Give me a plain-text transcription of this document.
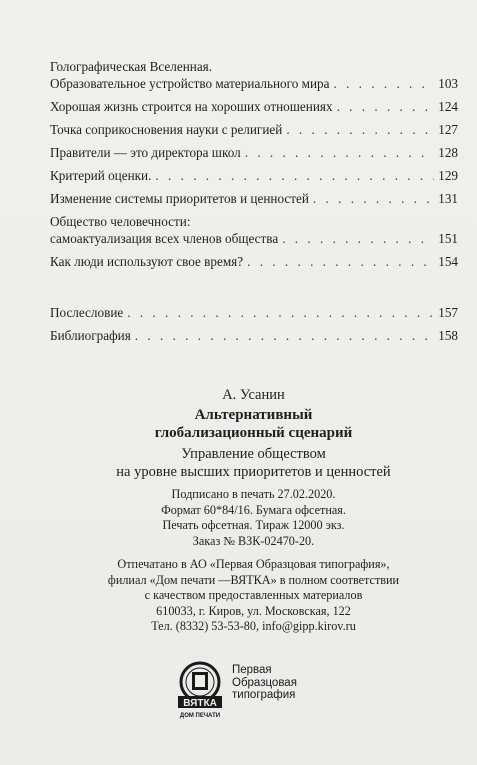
Голографическая Вселенная.
Образовательное устройство материального мира . . .	103
Хорошая жизнь строится на хороших отношениях . . .	124
Точка соприкосновения науки с религией . . .	127
Правители — это директора школ . . .	128
Критерий оценки. . . .	129
Изменение системы приоритетов и ценностей . . .	131
Общество человечности:
самоактуализация всех членов общества . . .	151
Как люди используют свое время? . . .	154
Послесловие . . .	157
Библиография . . .	158
А. Усанин
Альтернативный
глобализационный сценарий
Управление обществом
на уровне высших приоритетов и ценностей
Подписано в печать 27.02.2020.
Формат 60*84/16. Бумага офсетная.
Печать офсетная. Тираж 12000 экз.
Заказ № ВЗК-02470-20.
Отпечатано в АО «Первая Образцовая типография»,
филиал «Дом печати —ВЯТКА» в полном соответствии
с качеством предоставленных материалов
610033, г. Киров, ул. Московская, 122
Тел. (8332) 53-53-80, info@gipp.kirov.ru
ВЯТКА
ДОМ ПЕЧАТИ
Первая
Образцовая
типография
